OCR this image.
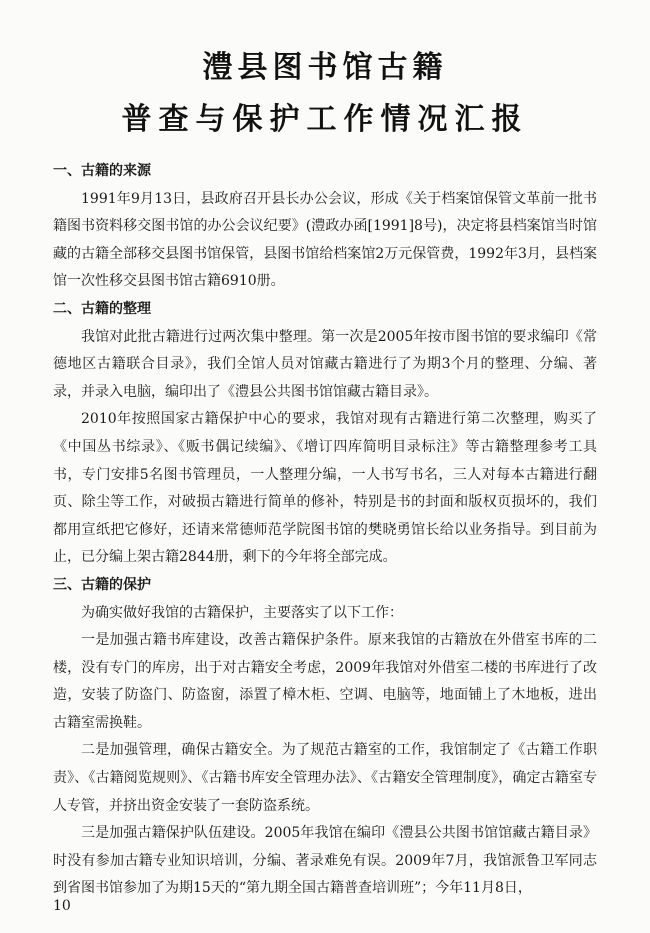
澧县图书馆古籍
普查与保护工作情况汇报

一、古籍的来源

1991年9月13日，县政府召开县长办公会议，形成《关于档案馆保管文革前一批书籍图书资料移交图书馆的办公会议纪要》(澧政办函[1991]8号)，决定将县档案馆当时馆藏的古籍全部移交县图书馆保管，县图书馆给档案馆2万元保管费，1992年3月，县档案馆一次性移交县图书馆古籍6910册。

二、古籍的整理

我馆对此批古籍进行过两次集中整理。第一次是2005年按市图书馆的要求编印《常德地区古籍联合目录》，我们全馆人员对馆藏古籍进行了为期3个月的整理、分编、著录，并录入电脑，编印出了《澧县公共图书馆馆藏古籍目录》。

2010年按照国家古籍保护中心的要求，我馆对现有古籍进行第二次整理，购买了《中国丛书综录》、《贩书偶记续编》、《增订四库简明目录标注》等古籍整理参考工具书，专门安排5名图书管理员，一人整理分编，一人书写书名，三人对每本古籍进行翻页、除尘等工作，对破损古籍进行简单的修补，特别是书的封面和版权页损坏的，我们都用宣纸把它修好，还请来常德师范学院图书馆的樊晓勇馆长给以业务指导。到目前为止，已分编上架古籍2844册，剩下的今年将全部完成。

三、古籍的保护

为确实做好我馆的古籍保护，主要落实了以下工作：

一是加强古籍书库建设，改善古籍保护条件。原来我馆的古籍放在外借室书库的二楼，没有专门的库房，出于对古籍安全考虑，2009年我馆对外借室二楼的书库进行了改造，安装了防盗门、防盗窗，添置了樟木柜、空调、电脑等，地面铺上了木地板，进出古籍室需换鞋。

二是加强管理，确保古籍安全。为了规范古籍室的工作，我馆制定了《古籍工作职责》、《古籍阅览规则》、《古籍书库安全管理办法》、《古籍安全管理制度》，确定古籍室专人专管，并挤出资金安装了一套防盗系统。

三是加强古籍保护队伍建设。2005年我馆在编印《澧县公共图书馆馆藏古籍目录》时没有参加古籍专业知识培训，分编、著录难免有误。2009年7月，我馆派鲁卫军同志到省图书馆参加了为期15天的“第九期全国古籍普查培训班”；今年11月8日，

10
